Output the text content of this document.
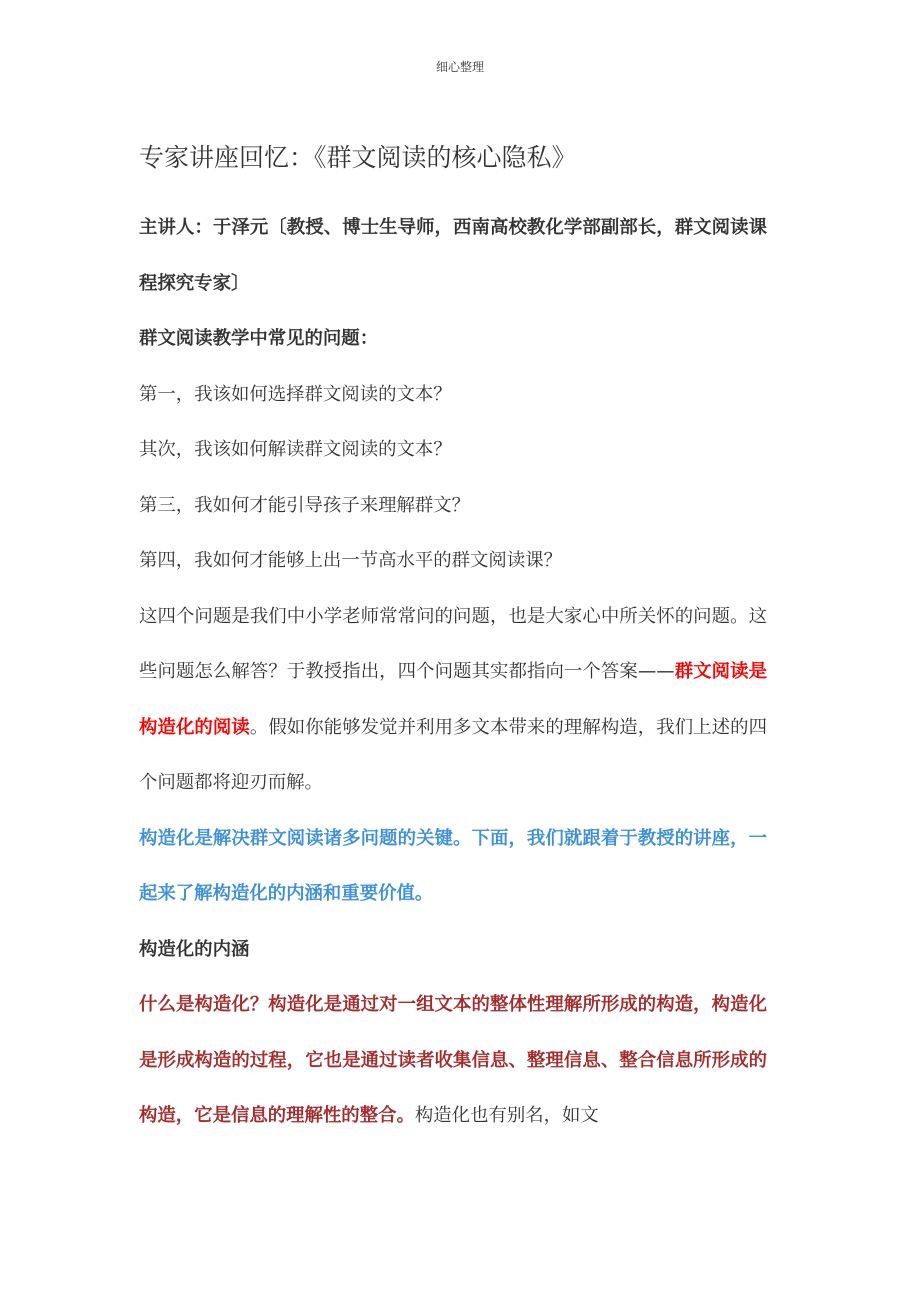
细心整理
专家讲座回忆：《群文阅读的核心隐私》

主讲人：于泽元〔教授、博士生导师，西南高校教化学部副部长，群文阅读课程探究专家〕

群文阅读教学中常见的问题：

第一，我该如何选择群文阅读的文本？

其次，我该如何解读群文阅读的文本？

第三，我如何才能引导孩子来理解群文？

第四，我如何才能够上出一节高水平的群文阅读课？

这四个问题是我们中小学老师常常问的问题，也是大家心中所关怀的问题。这些问题怎么解答？于教授指出，四个问题其实都指向一个答案——群文阅读是构造化的阅读。假如你能够发觉并利用多文本带来的理解构造，我们上述的四个问题都将迎刃而解。

构造化是解决群文阅读诸多问题的关键。下面，我们就跟着于教授的讲座，一起来了解构造化的内涵和重要价值。

构造化的内涵

什么是构造化？构造化是通过对一组文本的整体性理解所形成的构造，构造化是形成构造的过程，它也是通过读者收集信息、整理信息、整合信息所形成的构造，它是信息的理解性的整合。构造化也有别名，如文
